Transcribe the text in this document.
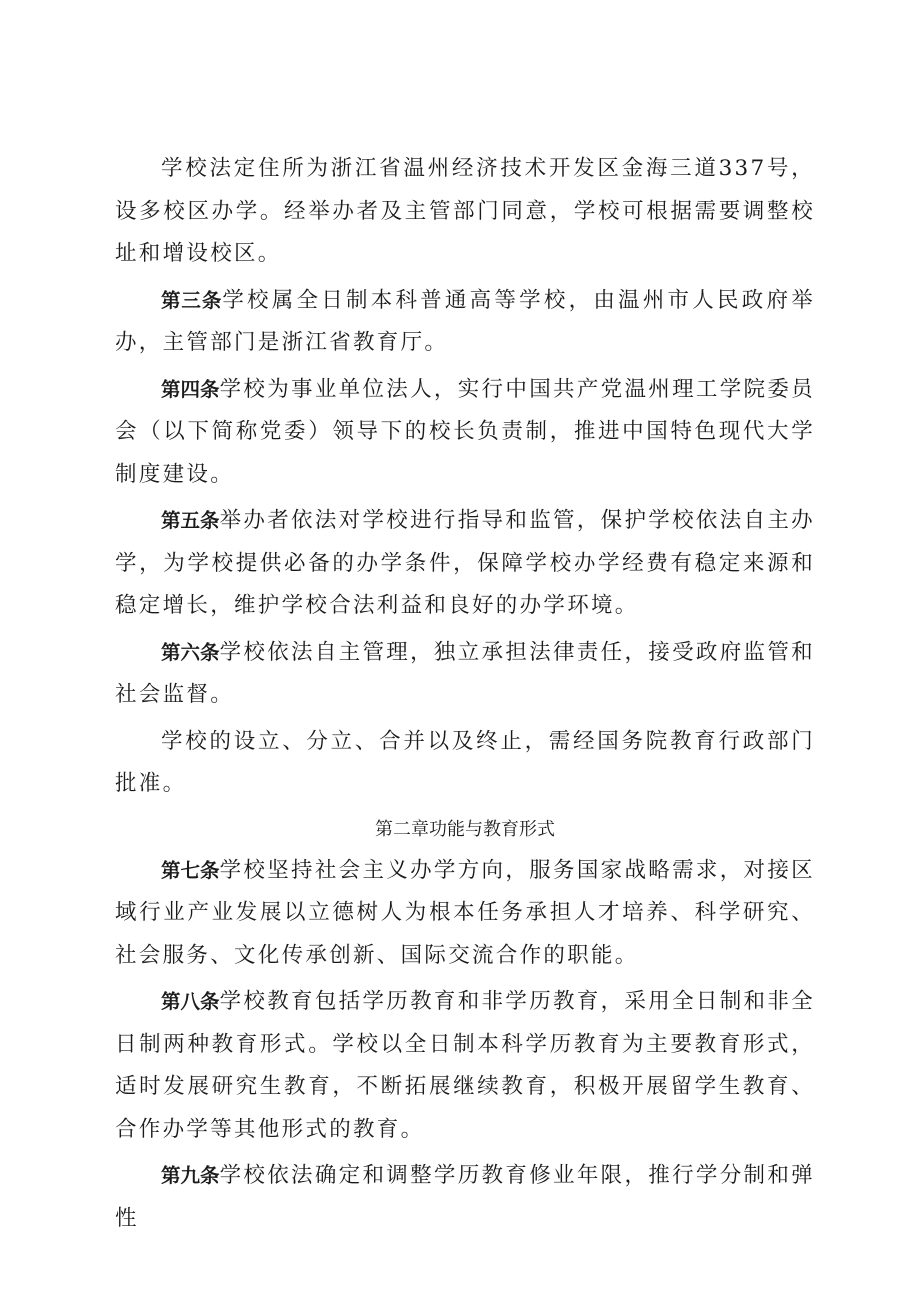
学校法定住所为浙江省温州经济技术开发区金海三道337号，设多校区办学。经举办者及主管部门同意，学校可根据需要调整校址和增设校区。

第三条学校属全日制本科普通高等学校，由温州市人民政府举办，主管部门是浙江省教育厅。

第四条学校为事业单位法人，实行中国共产党温州理工学院委员会（以下简称党委）领导下的校长负责制，推进中国特色现代大学制度建设。

第五条举办者依法对学校进行指导和监管，保护学校依法自主办学，为学校提供必备的办学条件，保障学校办学经费有稳定来源和稳定增长，维护学校合法利益和良好的办学环境。

第六条学校依法自主管理，独立承担法律责任，接受政府监管和社会监督。

学校的设立、分立、合并以及终止，需经国务院教育行政部门批准。

第二章功能与教育形式

第七条学校坚持社会主义办学方向，服务国家战略需求，对接区域行业产业发展以立德树人为根本任务承担人才培养、科学研究、社会服务、文化传承创新、国际交流合作的职能。

第八条学校教育包括学历教育和非学历教育，采用全日制和非全日制两种教育形式。学校以全日制本科学历教育为主要教育形式，适时发展研究生教育，不断拓展继续教育，积极开展留学生教育、合作办学等其他形式的教育。

第九条学校依法确定和调整学历教育修业年限，推行学分制和弹性
